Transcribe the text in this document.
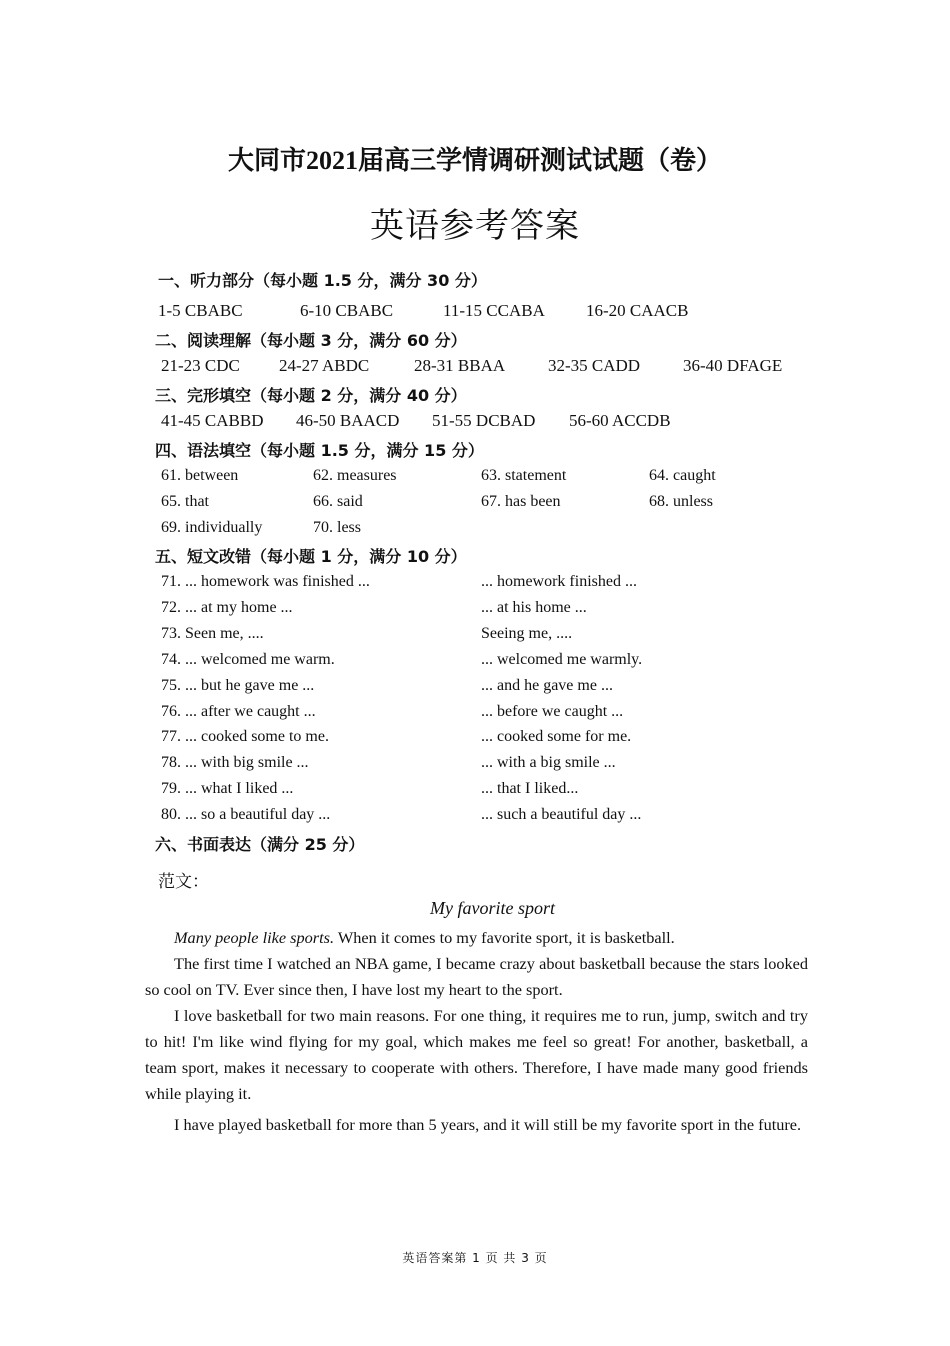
大同市2021届高三学情调研测试试题（卷）
英语参考答案
一、听力部分（每小题 1.5 分，满分 30 分）
1-5 CBABC	6-10 CBABC	11-15 CCABA 16-20 CAACB
二、阅读理解（每小题 3 分，满分 60 分）
21-23 CDC 24-27 ABDC	28-31 BBAA	32-35 CADD	36-40 DFAGE
三、完形填空（每小题 2 分，满分 40 分）
41-45 CABBD 46-50 BAACD 51-55 DCBAD 56-60 ACCDB
四、语法填空（每小题 1.5 分，满分 15 分）
61. between	62. measures	63. statement	64. caught
65. that	66. said	67. has been	68. unless
69. individually	70. less
五、短文改错（每小题 1 分，满分 10 分）
71. ... homework was finished ...	... homework finished ...
72. ... at my home ...	... at his home ...
73. Seen me, ....	Seeing me, ....
74. ... welcomed me warm.	... welcomed me warmly.
75. ... but he gave me ...	... and he gave me ...
76. ... after we caught ...	... before we caught ...
77. ... cooked some to me.	... cooked some for me.
78. ... with big smile ...	... with a big smile ...
79. ... what I liked ...	... that I liked...
80. ... so a beautiful day ...	... such a beautiful day ...
六、书面表达（满分 25 分）
范文：
My favorite sport

Many people like sports. When it comes to my favorite sport, it is basketball.

The first time I watched an NBA game, I became crazy about basketball because the stars looked so cool on TV. Ever since then, I have lost my heart to the sport.

I love basketball for two main reasons. For one thing, it requires me to run, jump, switch and try to hit! I'm like wind flying for my goal, which makes me feel so great! For another, basketball, a team sport, makes it necessary to cooperate with others. Therefore, I have made many good friends while playing it.

I have played basketball for more than 5 years, and it will still be my favorite sport in the future.

英语答案第 1 页 共 3 页
